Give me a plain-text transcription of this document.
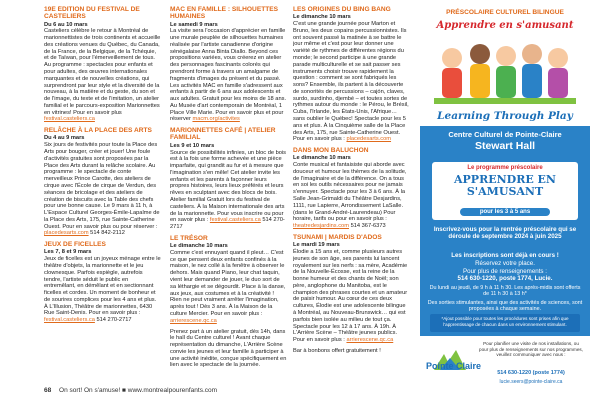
19E ÉDITION DU FESTIVAL DE CASTELIERS
Du 6 au 10 mars
Casteliers célèbre le retour à Montréal de marionnettistes de trois continents et accueille des créations venues du Québec, du Canada, de la France, de la Belgique, de la Tchéquie, et de Taïwan, pour l'émerveillement de tous. Au programme : spectacles pour enfants et pour adultes, des œuvres internationales marquantes et de nouvelles créations, qui surprendront par leur style et la diversité de la nouveau, à la matière et du geste, du son et de l'image, du texte et de l'imitation, un atelier familial et le parcours-exposition Marionnettes en vitrines! Pour en savoir plus festival.casteliers.ca
RELÂCHE À LA PLACE DES ARTS
Du 4 au 9 mars
Six jours de festivités pour toute la Place des Arts pour bouger, créer et jouer! Une foule d'activités gratuites sont proposées par la Place des Arts durant la relâche scolaire. Au programme : le spectacle de conte merveilleux Prince Carotte, des ateliers de cirque avec l'École de cirque de Verdun, des séances de bricolage et des ateliers de création de biscuits avec la Table des chefs pour une bonne cause. Le 9 mars à 11 h, à L'Espace Culturel Georges-Émile-Lapalme de la Place des Arts, 175, rue Sainte-Catherine Ouest. Pour en savoir plus ou pour réserver : placedesarts.com 514 842-2112
JEUX DE FICELLES
Les 7, 8 et 9 mars
Jeux de ficelles est un joyeux ménage entre le théâtre d'objets, la marionnette et le jeu clownesque. Parfois espiègle, autrefois tendre, l'artiste séduit le public en entremêlant, en démêlant et en sectionnant ficelles et cordes. Un moment de bonheur et de sourires complices pour les 4 ans et plus. À L'Illusion, Théâtre de marionnettes, 6430 Rue Saint-Denis. Pour en savoir plus : festival.casteliers.ca 514 270-2717
MAC EN FAMILLE : SILHOUETTES HUMAINES
Le samedi 9 mars
La visite sera l'occasion d'apprécier en famille une murale peuplée de silhouettes humaines réalisée par l'artiste canadienne d'origine sénégalaise Anna Binta Diallo. Beyond ces propositions variées, vous créerez en atelier des personnages fascinants colorés qui prendront forme à travers un amalgame de fragments d'images du présent et du passé. Les activités MAC en famille s'adressent aux enfants à partir de 6 ans aux adolescents et aux adultes. Gratuit pour les moins de 18 ans. Au Musée d'art contemporain de Montréal, 1 Place Ville Marie. Pour en savoir plus et pour réserver macm.org/activites
MARIONNETTES CAFÉ | ATELIER FAMILIAL
Les 9 et 10 mars
Source de possibilités infinies, un bloc de bois est à la fois une forme achevée et une pièce imparfaite, qui grandit au fur et à mesure que l'imagination s'en mêle! Cet atelier invite les enfants et les parents à façonner leurs propres histoires, leurs lieux préférés et leurs rêves en sculptant avec des blocs de bois. Atelier familial Gratuit lors du festival de casteliers. À la Maison internationale des arts de la marionnette. Pour vous inscrire ou pour en savoir plus : festival.casteliers.ca 514 270-2717
LE TRÉSOR
Le dimanche 10 mars
Comme c'est ennuyant quand il pleut… C'est ce que pensent deux enfants confinés à la maison, le nez collé à la fenêtre à observer le dehors. Mais quand Piano, leur chat taquin, vient leur demander de jouer, le duo sort de sa léthargie et se dégourdit. Place à la danse, aux jeux, aux costumes et à la créativité ! Rien ne peut vraiment arrêter l'imagination, après tout ! Dès 3 ans. À la Maison de la culture Mercier. Pour en savoir plus : arrierescene.qc.ca
Prenez part à un atelier gratuit, dès 14h, dans le hall du Centre culturel ! Avant chaque représentation du dimanche, L'Arrière Scène convie les jeunes et leur famille à participer à une activité inédite, conçue spécifiquement en lien avec le spectacle de la journée.
LES ORIGINES DU BING BANG
Le dimanche 10 mars
C'est une grande journée pour Marton et Bruno, les deux copains percussionnistes. Ils ont souvent passé la matinée à se battre le jour même et c'est pour leur donner une variété de rythmes de différentes régions du monde; le second participe à une grande parade multiculturelle et se sait passer ses instruments choisir trouve rapidement la question : comment se sont fabriqués les sons? Ensemble, ils partent à la découverte de sonorités de percussions – cajón, claves, surdo, surdinho, djembé – et toutes sortes de rythmes autour du monde : le Pérou, le Brésil, Cuba, l'Irlande, les États-Unis, l'Afrique… sans oublier le Québec! Spectacle pour les 5 ans et plus. À la Cinquième salle de la Place des Arts, 175, rue Sainte-Catherine Ouest. Pour en savoir plus : placedesarts.com
DANS MON BALUCHON
Le dimanche 10 mars
Conte musical et fantaisiste qui aborde avec douceur et humour les thèmes de la solitude, de l'imaginaire et de la différence. On a tous en soi les outils nécessaires pour ne jamais s'ennuyer. Spectacle pour les 3 à 6 ans. À la Salle Jean-Grimaldi du Théâtre Desjardins, 1111, rue Lapierre, Arrondissement LaSalle. (dans le Grand-André-Laurendeau) Pour horaire, tarifs ou pour en savoir plus : theatredesjardins.com 514 367-6373
TSUNAMI | MARDIS D'ADOS
Le mardi 19 mars
Élodie a 15 ans et, comme plusieurs autres jeunes de son âge, ses parents lui lancent royalement sur les nerfs : sa mère, Académie de la Nouvelle-Écosse, est la reine de la bonne humeur et des chants de Noël; son père, anglophone du Manitoba, est le champion des phrases courtes et un amateur de paisir humour. Au cœur de ces deux cultures, Élodie est une adolescente bilingue à Montréal, au Nouveau-Brunswick… qui est parfois bien isolée au milieu de tout ça. Spectacle pour les 12 à 17 ans. À 19h. À L'Arrière Scène – Théâtre jeunes publics. Pour en savoir plus : arrierescene.qc.ca
Bar à bonbons offert gratuitement !
68 On sort! On s'amuse! ■ www.montrealpourenfants.com
PRÉSCOLAIRE CULTUREL BILINGUE
Apprendre en s'amusant
Learning Through Play
Centre Culturel de Pointe-Claire
Stewart Hall
Le programme préscolaire
APPRENDRE EN S'AMUSANT
pour les 3 à 5 ans
Inscrivez-vous pour la rentrée préscolaire qui se déroule de septembre 2024 à juin 2025
Les inscriptions sont déjà en cours !
Réservez votre place.
Pour plus de renseignements :
514 630-1220, poste 1774, Lucie.
Du lundi au jeudi, de 9 h à 11 h 30. Les après-midis sont offerts de 11 h 30 à 13 h*
Des sorties stimulantes, ainsi que des activités de sciences, sont proposées à chaque semaine.
*Ajout possible pour toutes les procédures sont prises afin que l'apprentissage de chacun dans un environnement stimulant.
Pointe Claire
Pour planifier une visite de nos installations, ou pour plus de renseignements sur nos programmes, veuillez communiquer avec nous :
514 630-1220 (poste 1774)
lucie.seers@pointe-claire.ca
